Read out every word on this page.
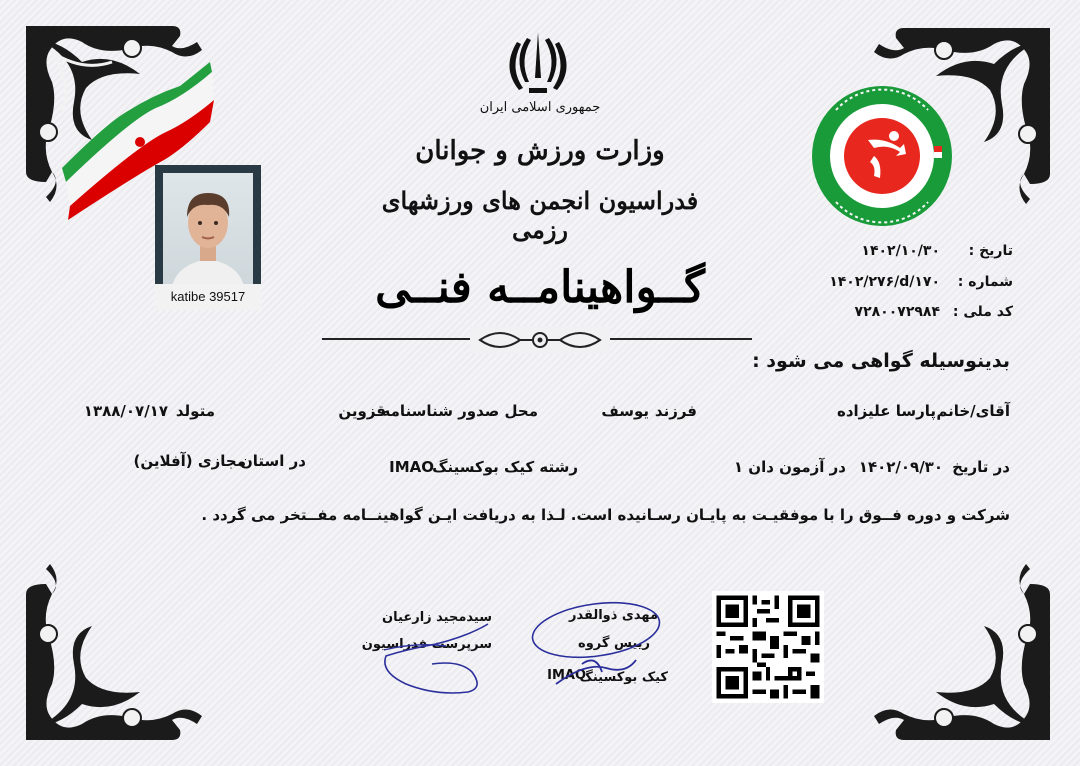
جمهوری اسلامی ایران
وزارت ورزش و جوانان
فدراسیون انجمن های ورزشهای رزمی
katibe 39517
تاریخ :
۱۴۰۲/۱۰/۳۰
شماره :
۱۴۰۲/۲۷۶/d/۱۷۰
کد ملی :
۷۲۸۰۰۷۲۹۸۴
گــواهینامــه فنــی
بدینوسیله گواهی می شود :
آقای/خانم
پارسا علیزاده
فرزند
یوسف
محل صدور شناسنامه
قزوین
متولد
۱۳۸۸/۰۷/۱۷
در تاریخ
۱۴۰۲/۰۹/۳۰
در آزمون دان ۱
رشته کیک بوکسینگ
IMAO
در استان
مجازی (آفلاین)
شرکت و دوره فــوق را با موفقیـت به پایـان رسـانیده است. لـذا به دریافت ایـن گواهینــامه مفــتخر می گردد .
مهدی ذوالقدر
رییس گروه
کیک بوکسینگ
IMAO
سیدمجید زارعیان
سرپرست فدراسیون
